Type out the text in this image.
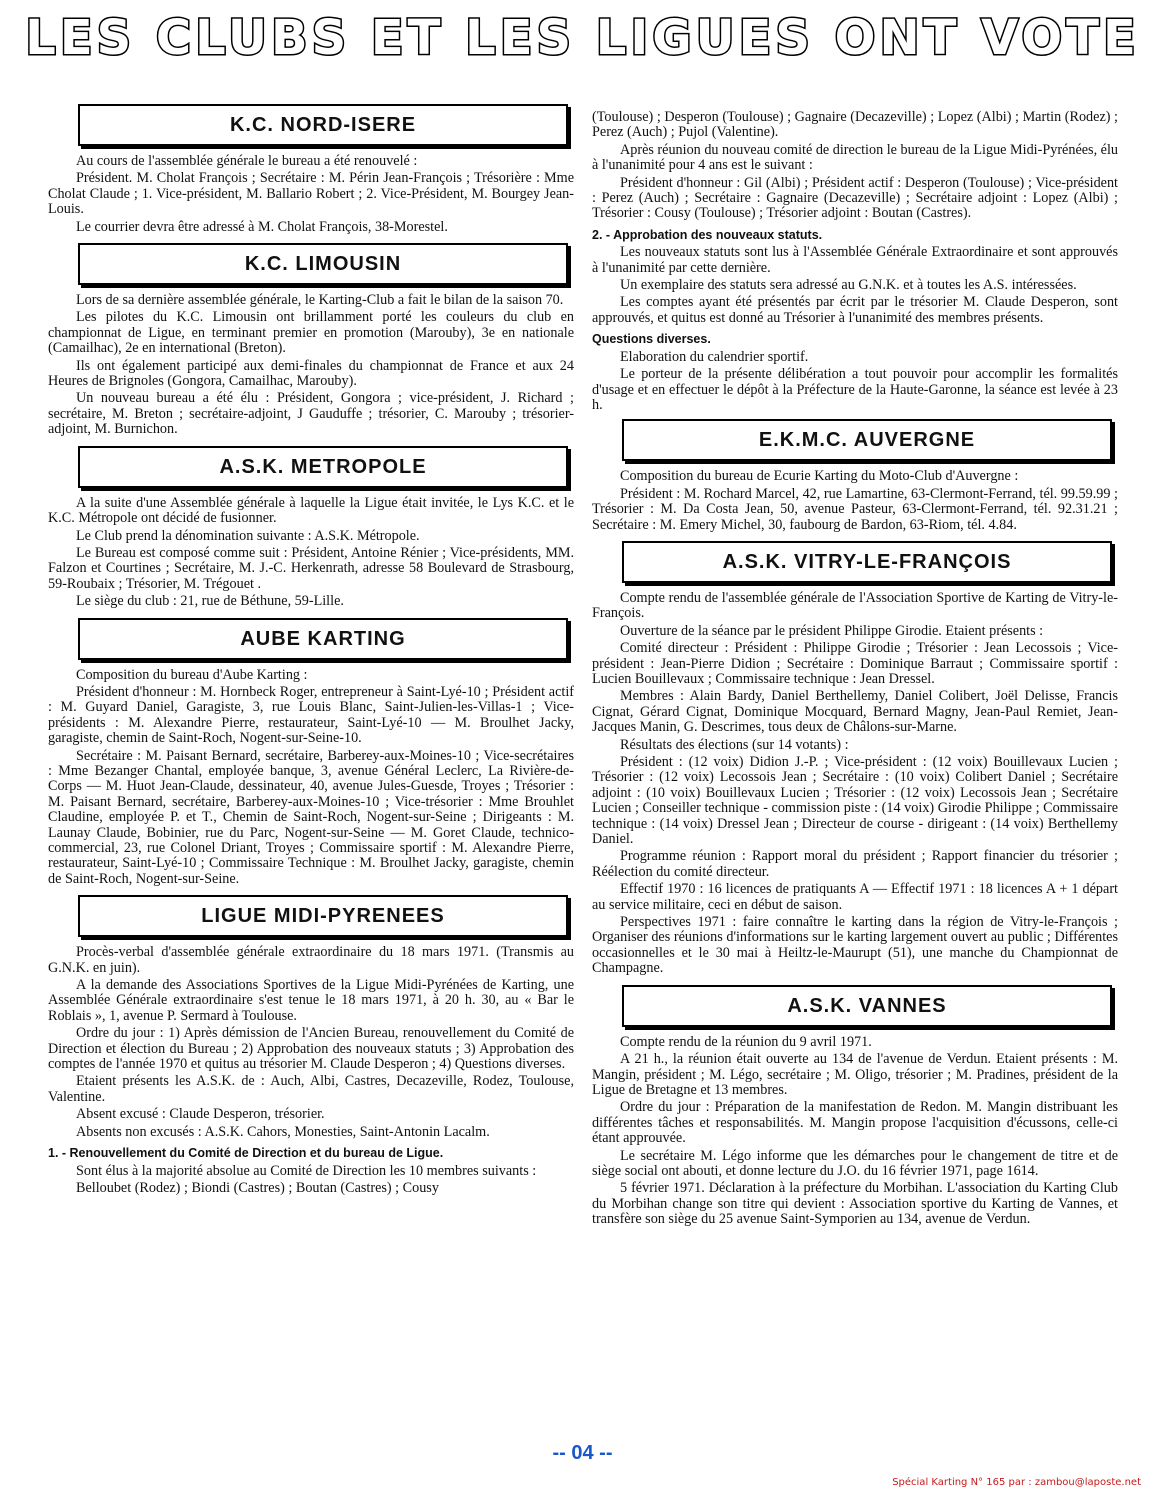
LES CLUBS ET LES LIGUES ONT VOTE
K.C. NORD-ISERE

Au cours de l'assemblée générale le bureau a été renouvelé :

Président. M. Cholat François ; Secrétaire : M. Périn Jean-François ; Trésorière : Mme Cholat Claude ; 1. Vice-président, M. Ballario Robert ; 2. Vice-Président, M. Bourgey Jean-Louis.

Le courrier devra être adressé à M. Cholat François, 38-Morestel.

K.C. LIMOUSIN

Lors de sa dernière assemblée générale, le Karting-Club a fait le bilan de la saison 70.

Les pilotes du K.C. Limousin ont brillamment porté les couleurs du club en championnat de Ligue, en terminant premier en promotion (Marouby), 3e en nationale (Camailhac), 2e en international (Breton).

Ils ont également participé aux demi-finales du championnat de France et aux 24 Heures de Brignoles (Gongora, Camailhac, Marouby).

Un nouveau bureau a été élu : Président, Gongora ; vice-président, J. Richard ; secrétaire, M. Breton ; secrétaire-adjoint, J Gauduffe ; trésorier, C. Marouby ; trésorier-adjoint, M. Burnichon.

A.S.K. METROPOLE

A la suite d'une Assemblée générale à laquelle la Ligue était invitée, le Lys K.C. et le K.C. Métropole ont décidé de fusionner.

Le Club prend la dénomination suivante : A.S.K. Métropole.

Le Bureau est composé comme suit : Président, Antoine Rénier ; Vice-présidents, MM. Falzon et Courtines ; Secrétaire, M. J.-C. Herkenrath, adresse 58 Boulevard de Strasbourg, 59-Roubaix ; Trésorier, M. Trégouet .

Le siège du club : 21, rue de Béthune, 59-Lille.

AUBE KARTING

Composition du bureau d'Aube Karting :

Président d'honneur : M. Hornbeck Roger, entrepreneur à Saint-Lyé-10 ; Président actif : M. Guyard Daniel, Garagiste, 3, rue Louis Blanc, Saint-Julien-les-Villas-1 ; Vice-présidents : M. Alexandre Pierre, restaurateur, Saint-Lyé-10 — M. Broulhet Jacky, garagiste, chemin de Saint-Roch, Nogent-sur-Seine-10.

Secrétaire : M. Paisant Bernard, secrétaire, Barberey-aux-Moines-10 ; Vice-secrétaires : Mme Bezanger Chantal, employée banque, 3, avenue Général Leclerc, La Rivière-de-Corps — M. Huot Jean-Claude, dessinateur, 40, avenue Jules-Guesde, Troyes ; Trésorier : M. Paisant Bernard, secrétaire, Barberey-aux-Moines-10 ; Vice-trésorier : Mme Brouhlet Claudine, employée P. et T., Chemin de Saint-Roch, Nogent-sur-Seine ; Dirigeants : M. Launay Claude, Bobinier, rue du Parc, Nogent-sur-Seine — M. Goret Claude, technico-commercial, 23, rue Colonel Driant, Troyes ; Commissaire sportif : M. Alexandre Pierre, restaurateur, Saint-Lyé-10 ; Commissaire Technique : M. Broulhet Jacky, garagiste, chemin de Saint-Roch, Nogent-sur-Seine.

LIGUE MIDI-PYRENEES

Procès-verbal d'assemblée générale extraordinaire du 18 mars 1971. (Transmis au G.N.K. en juin).

A la demande des Associations Sportives de la Ligue Midi-Pyrénées de Karting, une Assemblée Générale extraordinaire s'est tenue le 18 mars 1971, à 20 h. 30, au « Bar le Roblais », 1, avenue P. Sermard à Toulouse.

Ordre du jour : 1) Après démission de l'Ancien Bureau, renouvellement du Comité de Direction et élection du Bureau ; 2) Approbation des nouveaux statuts ; 3) Approbation des comptes de l'année 1970 et quitus au trésorier M. Claude Desperon ; 4) Questions diverses.

Etaient présents les A.S.K. de : Auch, Albi, Castres, Decazeville, Rodez, Toulouse, Valentine.

Absent excusé : Claude Desperon, trésorier.

Absents non excusés : A.S.K. Cahors, Monesties, Saint-Antonin Lacalm.

1. - Renouvellement du Comité de Direction et du bureau de Ligue.

Sont élus à la majorité absolue au Comité de Direction les 10 membres suivants :

Belloubet (Rodez) ; Biondi (Castres) ; Boutan (Castres) ; Cousy

(Toulouse) ; Desperon (Toulouse) ; Gagnaire (Decazeville) ; Lopez (Albi) ; Martin (Rodez) ; Perez (Auch) ; Pujol (Valentine).

Après réunion du nouveau comité de direction le bureau de la Ligue Midi-Pyrénées, élu à l'unanimité pour 4 ans est le suivant :

Président d'honneur : Gil (Albi) ; Président actif : Desperon (Toulouse) ; Vice-président : Perez (Auch) ; Secrétaire : Gagnaire (Decazeville) ; Secrétaire adjoint : Lopez (Albi) ; Trésorier : Cousy (Toulouse) ; Trésorier adjoint : Boutan (Castres).

2. - Approbation des nouveaux statuts.

Les nouveaux statuts sont lus à l'Assemblée Générale Extraordinaire et sont approuvés à l'unanimité par cette dernière.

Un exemplaire des statuts sera adressé au G.N.K. et à toutes les A.S. intéressées.

Les comptes ayant été présentés par écrit par le trésorier M. Claude Desperon, sont approuvés, et quitus est donné au Trésorier à l'unanimité des membres présents.

Questions diverses.

Elaboration du calendrier sportif.

Le porteur de la présente délibération a tout pouvoir pour accomplir les formalités d'usage et en effectuer le dépôt à la Préfecture de la Haute-Garonne, la séance est levée à 23 h.

E.K.M.C. AUVERGNE

Composition du bureau de Ecurie Karting du Moto-Club d'Auvergne :

Président : M. Rochard Marcel, 42, rue Lamartine, 63-Clermont-Ferrand, tél. 99.59.99 ; Trésorier : M. Da Costa Jean, 50, avenue Pasteur, 63-Clermont-Ferrand, tél. 92.31.21 ; Secrétaire : M. Emery Michel, 30, faubourg de Bardon, 63-Riom, tél. 4.84.

A.S.K. VITRY-LE-FRANÇOIS

Compte rendu de l'assemblée générale de l'Association Sportive de Karting de Vitry-le-François.

Ouverture de la séance par le président Philippe Girodie. Etaient présents :

Comité directeur : Président : Philippe Girodie ; Trésorier : Jean Lecossois ; Vice-président : Jean-Pierre Didion ; Secrétaire : Dominique Barraut ; Commissaire sportif : Lucien Bouillevaux ; Commissaire technique : Jean Dressel.

Membres : Alain Bardy, Daniel Berthellemy, Daniel Colibert, Joël Delisse, Francis Cignat, Gérard Cignat, Dominique Mocquard, Bernard Magny, Jean-Paul Remiet, Jean-Jacques Manin, G. Descrimes, tous deux de Châlons-sur-Marne.

Résultats des élections (sur 14 votants) :

Président : (12 voix) Didion J.-P. ; Vice-président : (12 voix) Bouillevaux Lucien ; Trésorier : (12 voix) Lecossois Jean ; Secrétaire : (10 voix) Colibert Daniel ; Secrétaire adjoint : (10 voix) Bouillevaux Lucien ; Trésorier : (12 voix) Lecossois Jean ; Secrétaire Lucien ; Conseiller technique - commission piste : (14 voix) Girodie Philippe ; Commissaire technique : (14 voix) Dressel Jean ; Directeur de course - dirigeant : (14 voix) Berthellemy Daniel.

Programme réunion : Rapport moral du président ; Rapport financier du trésorier ; Réélection du comité directeur.

Effectif 1970 : 16 licences de pratiquants A — Effectif 1971 : 18 licences A + 1 départ au service militaire, ceci en début de saison.

Perspectives 1971 : faire connaître le karting dans la région de Vitry-le-François ; Organiser des réunions d'informations sur le karting largement ouvert au public ; Différentes occasionnelles et le 30 mai à Heiltz-le-Maurupt (51), une manche du Championnat de Champagne.

A.S.K. VANNES

Compte rendu de la réunion du 9 avril 1971.

A 21 h., la réunion était ouverte au 134 de l'avenue de Verdun. Etaient présents : M. Mangin, président ; M. Légo, secrétaire ; M. Oligo, trésorier ; M. Pradines, président de la Ligue de Bretagne et 13 membres.

Ordre du jour : Préparation de la manifestation de Redon. M. Mangin distribuant les différentes tâches et responsabilités. M. Mangin propose l'acquisition d'écussons, celle-ci étant approuvée.

Le secrétaire M. Légo informe que les démarches pour le changement de titre et de siège social ont abouti, et donne lecture du J.O. du 16 février 1971, page 1614.

5 février 1971. Déclaration à la préfecture du Morbihan. L'association du Karting Club du Morbihan change son titre qui devient : Association sportive du Karting de Vannes, et transfère son siège du 25 avenue Saint-Symporien au 134, avenue de Verdun.

-- 04 --
Spécial Karting N° 165 par : zambou@laposte.net
